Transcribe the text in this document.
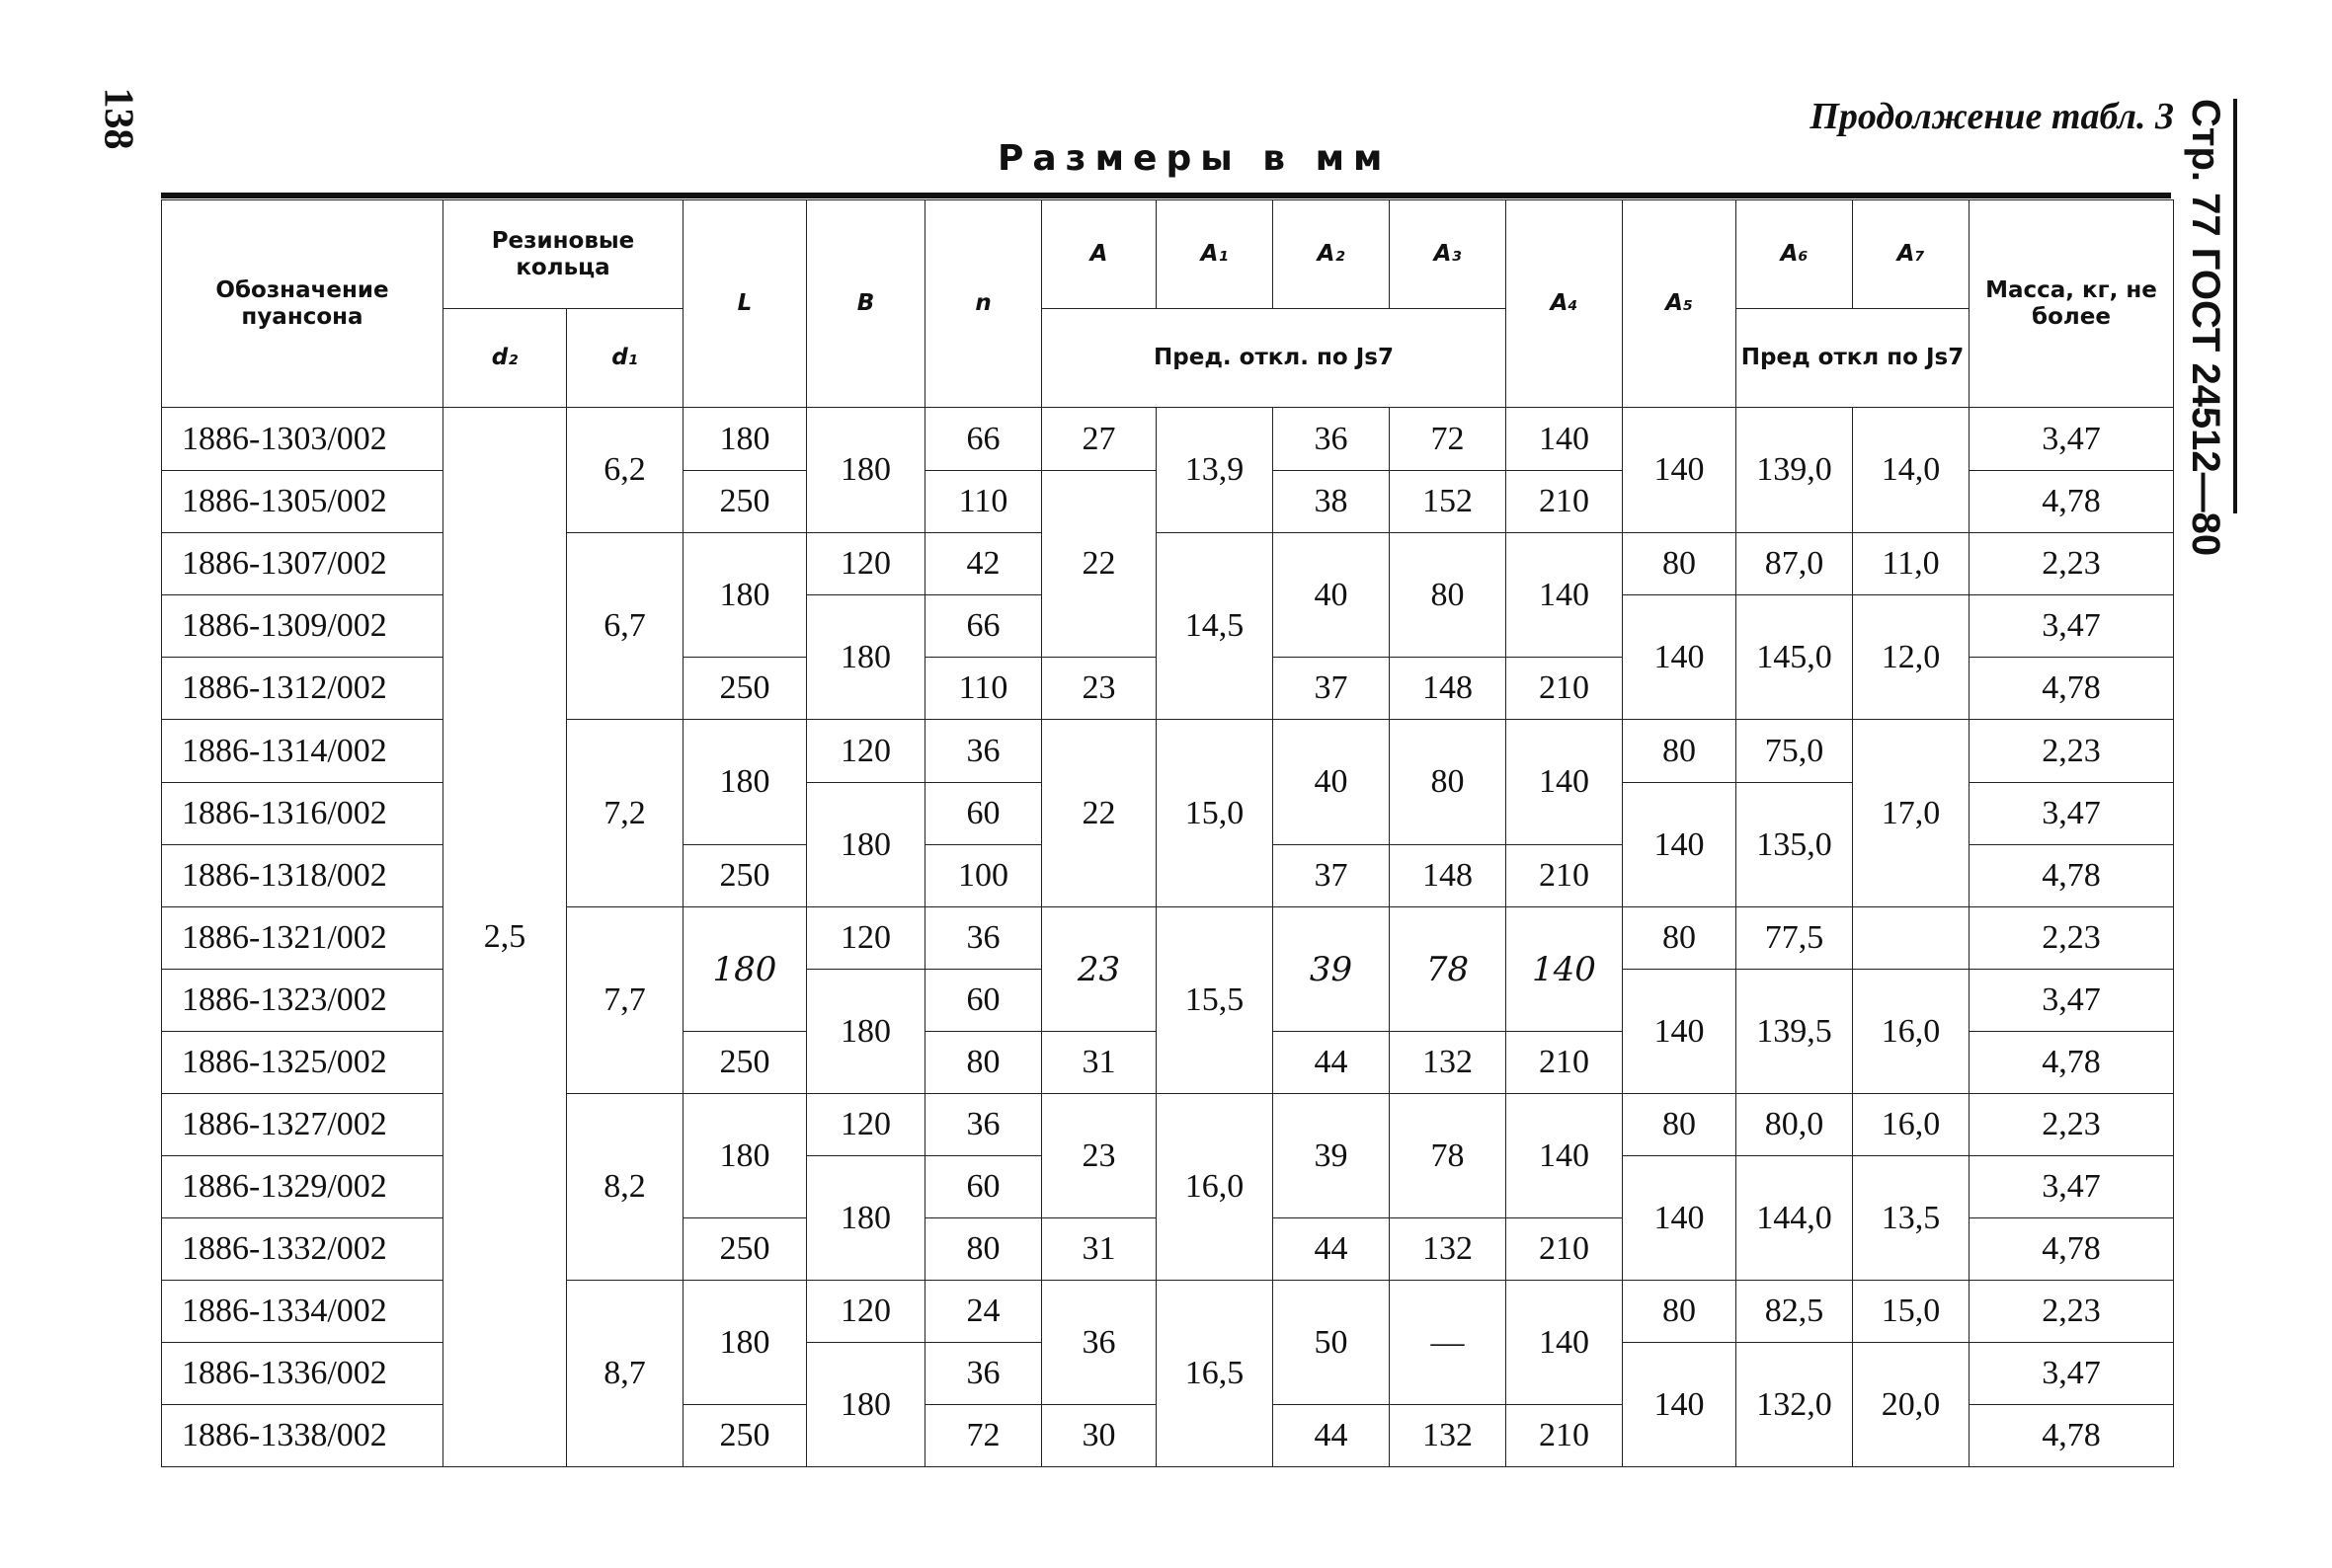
138	Продолжение табл. 3
Размеры в мм	Стр. 77 ГОСТ 24512—80
Обозначение пуансона	Резиновые кольца		L	B	n	A	A₁	A₂	A₃	A₄	A₅	A₆	A₇	Масса, кг, не более
	d₂	d₁				Пред. откл. по Js7						Пред откл по Js7		
1886-1303/002	2,5	6,2	180	180	66	27	13,9	36	72	140	140	139,0	14,0	3,47
1886-1305/002			250		110	22		38	152	210				4,78
1886-1307/002		6,7	180	120	42		14,5	40	80	140	80	87,0	11,0	2,23
1886-1309/002				180	66						140	145,0	12,0	3,47
1886-1312/002			250		110	23		37	148	210				4,78
1886-1314/002		7,2	180	120	36	22	15,0	40	80	140	80	75,0	17,0	2,23
1886-1316/002				180	60						140	135,0		3,47
1886-1318/002			250		100			37	148	210				4,78
1886-1321/002		7,7	180	120	36	23	15,5	39	78	140	80	77,5		2,23
1886-1323/002				180	60						140	139,5	16,0	3,47
1886-1325/002			250		80	31		44	132	210				4,78
1886-1327/002		8,2	180	120	36	23	16,0	39	78	140	80	80,0	16,0	2,23
1886-1329/002				180	60						140	144,0	13,5	3,47
1886-1332/002			250		80	31		44	132	210				4,78
1886-1334/002		8,7	180	120	24	36	16,5	50	—	140	80	82,5	15,0	2,23
1886-1336/002				180	36						140	132,0	20,0	3,47
1886-1338/002			250		72	30		44	132	210				4,78
